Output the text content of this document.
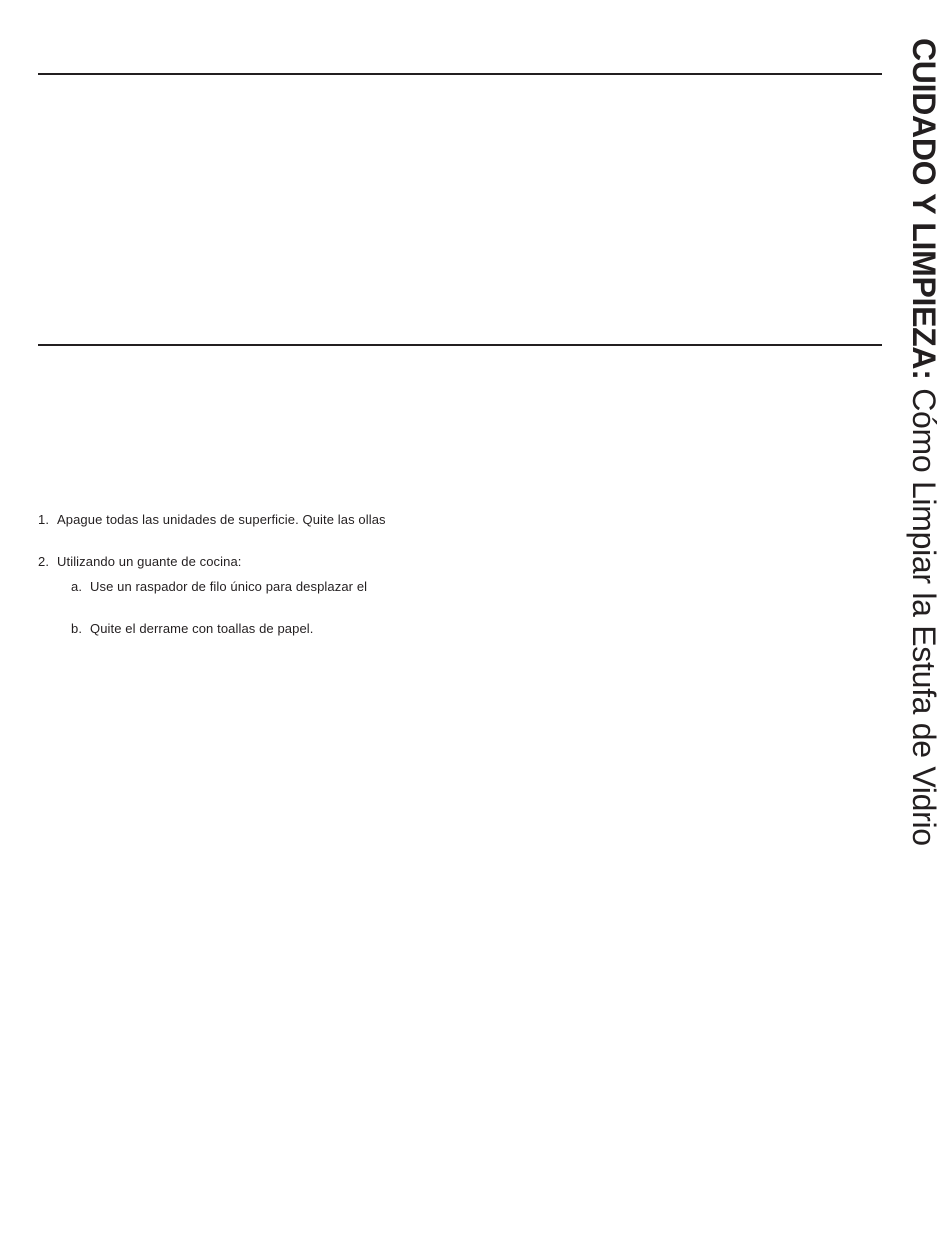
1. Apague todas las unidades de superficie. Quite las ollas
2. Utilizando un guante de cocina:
a. Use un raspador de filo único para desplazar el
b. Quite el derrame con toallas de papel.
CUIDADO Y LIMPIEZA: Cómo Limpiar la Estufa de Vidrio
